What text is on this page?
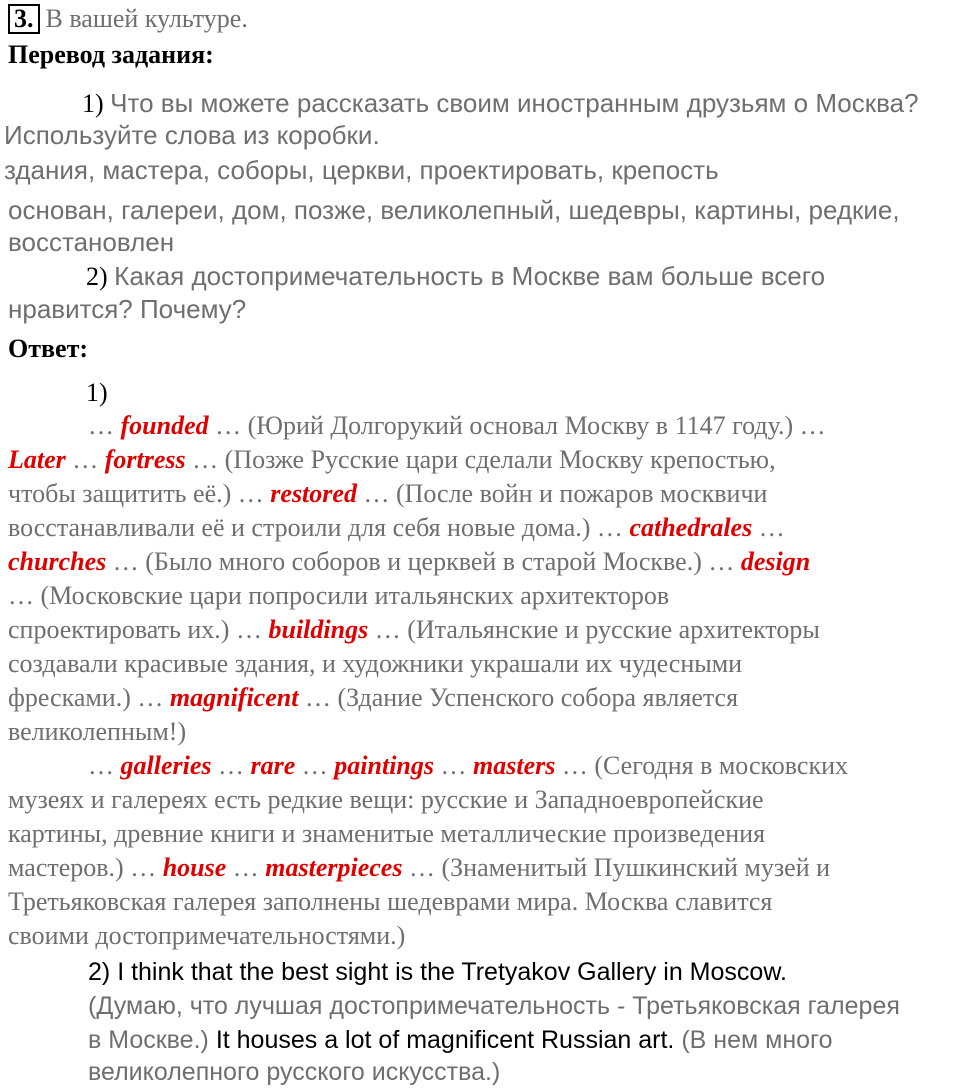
3. В вашей культуре.
Перевод задания:
1) Что вы можете рассказать своим иностранным друзьям о Москва?
Используйте слова из коробки.
здания, мастера, соборы, церкви, проектировать, крепость
основан, галереи, дом, позже, великолепный, шедевры, картины, редкие,
восстановлен
2) Какая достопримечательность в Москве вам больше всего
нравится? Почему?
Ответ:
1)
… founded … (Юрий Долгорукий основал Москву в 1147 году.) …
Later … fortress … (Позже Русские цари сделали Москву крепостью,
чтобы защитить её.) … restored … (После войн и пожаров москвичи
восстанавливали её и строили для себя новые дома.) … cathedrales …
churches … (Было много соборов и церквей в старой Москве.) … design
… (Московские цари попросили итальянских архитекторов
спроектировать их.) … buildings … (Итальянские и русские архитекторы
создавали красивые здания, и художники украшали их чудесными
фресками.) … magnificent … (Здание Успенского собора является
великолепным!)
… galleries … rare … paintings … masters … (Сегодня в московских
музеях и галереях есть редкие вещи: русские и Западноевропейские
картины, древние книги и знаменитые металлические произведения
мастеров.) … house … masterpieces … (Знаменитый Пушкинский музей и
Третьяковская галерея заполнены шедеврами мира. Москва славится
своими достопримечательностями.)
2) I think that the best sight is the Tretyakov Gallery in Moscow.
(Думаю, что лучшая достопримечательность - Третьяковская галерея
в Москве.) It houses a lot of magnificent Russian art. (В нем много
великолепного русского искусства.)
